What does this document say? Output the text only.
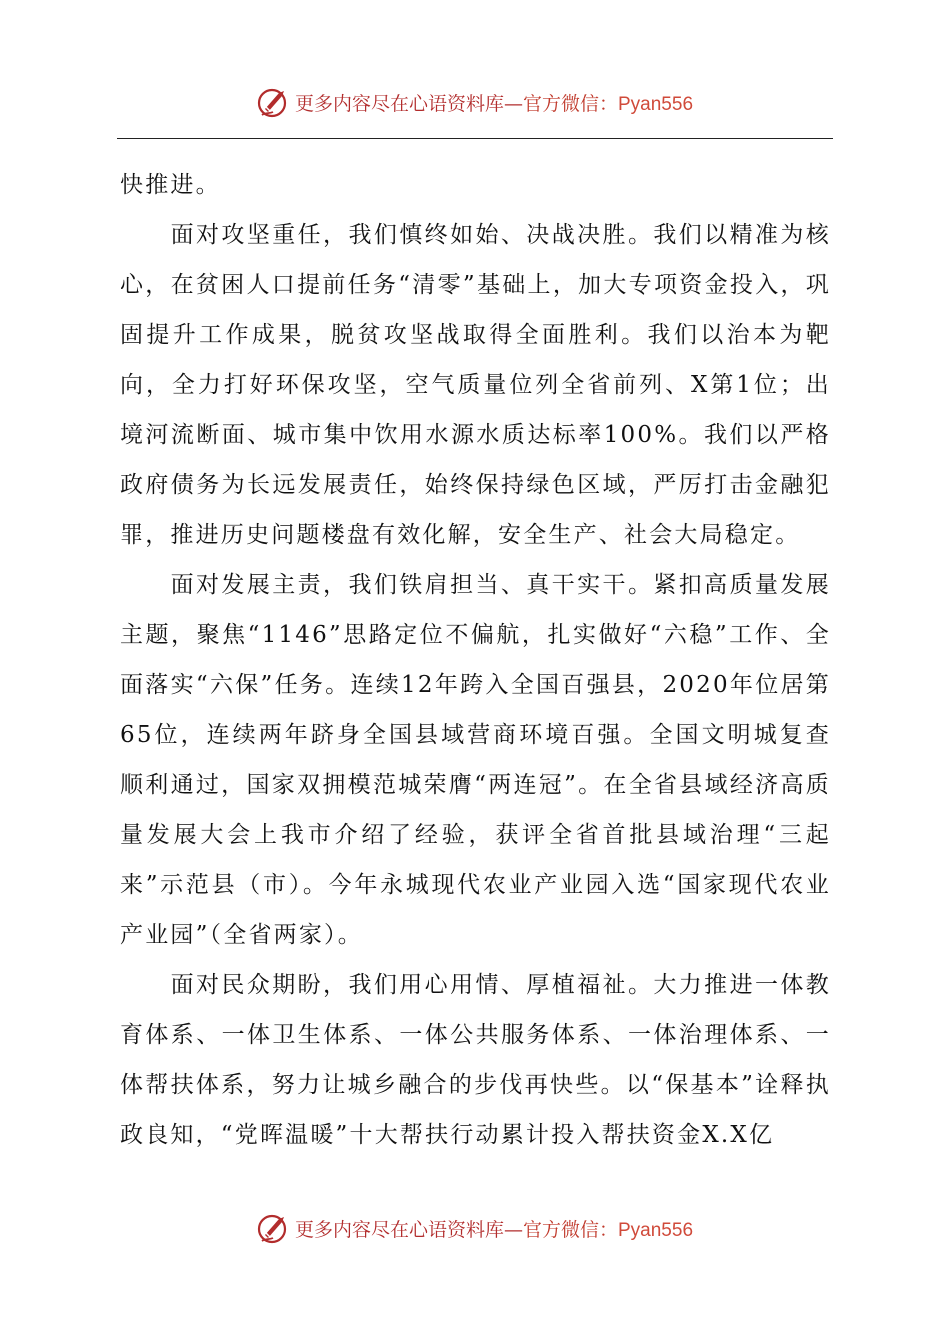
更多内容尽在心语资料库—官方微信：Pyan556

快推进。

面对攻坚重任，我们慎终如始、决战决胜。我们以精准为核心，在贫困人口提前任务“清零”基础上，加大专项资金投入，巩固提升工作成果，脱贫攻坚战取得全面胜利。我们以治本为靶向，全力打好环保攻坚，空气质量位列全省前列、X第1位；出境河流断面、城市集中饮用水源水质达标率100%。我们以严格政府债务为长远发展责任，始终保持绿色区域，严厉打击金融犯罪，推进历史问题楼盘有效化解，安全生产、社会大局稳定。

面对发展主责，我们铁肩担当、真干实干。紧扣高质量发展主题，聚焦“1146”思路定位不偏航，扎实做好“六稳”工作、全面落实“六保”任务。连续12年跨入全国百强县，2020年位居第65位，连续两年跻身全国县域营商环境百强。全国文明城复查顺利通过，国家双拥模范城荣膺“两连冠”。在全省县域经济高质量发展大会上我市介绍了经验，获评全省首批县域治理“三起来”示范县（市）。今年永城现代农业产业园入选“国家现代农业产业园”（全省两家）。

面对民众期盼，我们用心用情、厚植福祉。大力推进一体教育体系、一体卫生体系、一体公共服务体系、一体治理体系、一体帮扶体系，努力让城乡融合的步伐再快些。以“保基本”诠释执政良知，“党晖温暖”十大帮扶行动累计投入帮扶资金X.X亿

更多内容尽在心语资料库—官方微信：Pyan556
